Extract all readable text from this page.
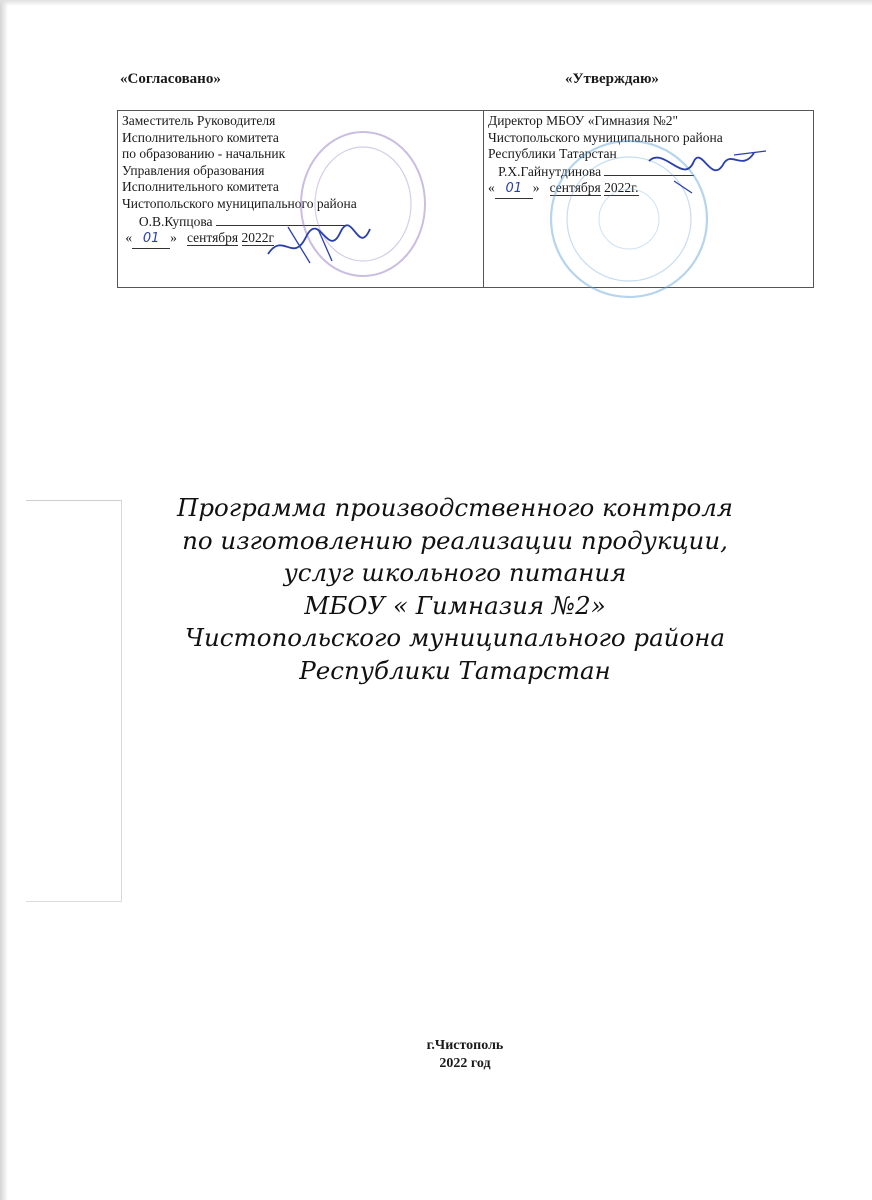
«Согласовано»	«Утверждаю»
Заместитель Руководителя
Исполнительного комитета
по образованию - начальник
Управления образования
Исполнительного комитета
Чистопольского муниципального района
О.В.Купцова
« 01 » сентября 2022г

Директор МБОУ «Гимназия №2"
Чистопольского муниципального района
Республики Татарстан
Р.Х.Гайнутдинова
« 01 » сентября 2022г.
Программа производственного контроля
по изготовлению реализации продукции,
услуг школьного питания
МБОУ « Гимназия №2»
Чистопольского муниципального района
Республики Татарстан
г.Чистополь
2022 год
